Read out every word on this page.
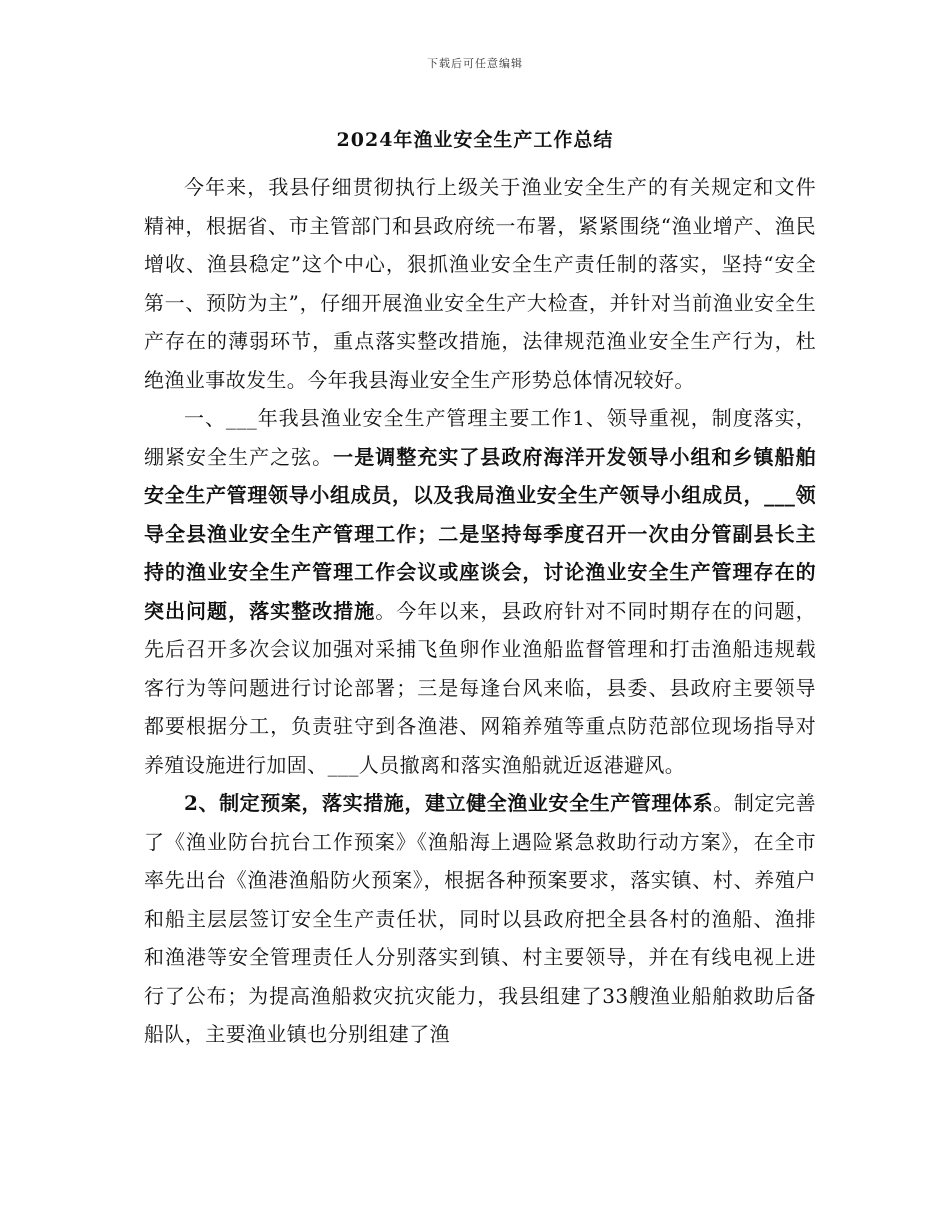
下载后可任意编辑
2024年渔业安全生产工作总结

今年来，我县仔细贯彻执行上级关于渔业安全生产的有关规定和文件精神，根据省、市主管部门和县政府统一布署，紧紧围绕“渔业增产、渔民增收、渔县稳定”这个中心，狠抓渔业安全生产责任制的落实，坚持“安全第一、预防为主”，仔细开展渔业安全生产大检查，并针对当前渔业安全生产存在的薄弱环节，重点落实整改措施，法律规范渔业安全生产行为，杜绝渔业事故发生。今年我县海业安全生产形势总体情况较好。

一、___年我县渔业安全生产管理主要工作1、领导重视，制度落实，绷紧安全生产之弦。一是调整充实了县政府海洋开发领导小组和乡镇船舶安全生产管理领导小组成员，以及我局渔业安全生产领导小组成员，___领导全县渔业安全生产管理工作；二是坚持每季度召开一次由分管副县长主持的渔业安全生产管理工作会议或座谈会，讨论渔业安全生产管理存在的突出问题，落实整改措施。今年以来，县政府针对不同时期存在的问题，先后召开多次会议加强对采捕飞鱼卵作业渔船监督管理和打击渔船违规载客行为等问题进行讨论部署；三是每逢台风来临，县委、县政府主要领导都要根据分工，负责驻守到各渔港、网箱养殖等重点防范部位现场指导对养殖设施进行加固、___人员撤离和落实渔船就近返港避风。

2、制定预案，落实措施，建立健全渔业安全生产管理体系。制定完善了《渔业防台抗台工作预案》《渔船海上遇险紧急救助行动方案》，在全市率先出台《渔港渔船防火预案》，根据各种预案要求，落实镇、村、养殖户和船主层层签订安全生产责任状，同时以县政府把全县各村的渔船、渔排和渔港等安全管理责任人分别落实到镇、村主要领导，并在有线电视上进行了公布；为提高渔船救灾抗灾能力，我县组建了33艘渔业船舶救助后备船队，主要渔业镇也分别组建了渔
